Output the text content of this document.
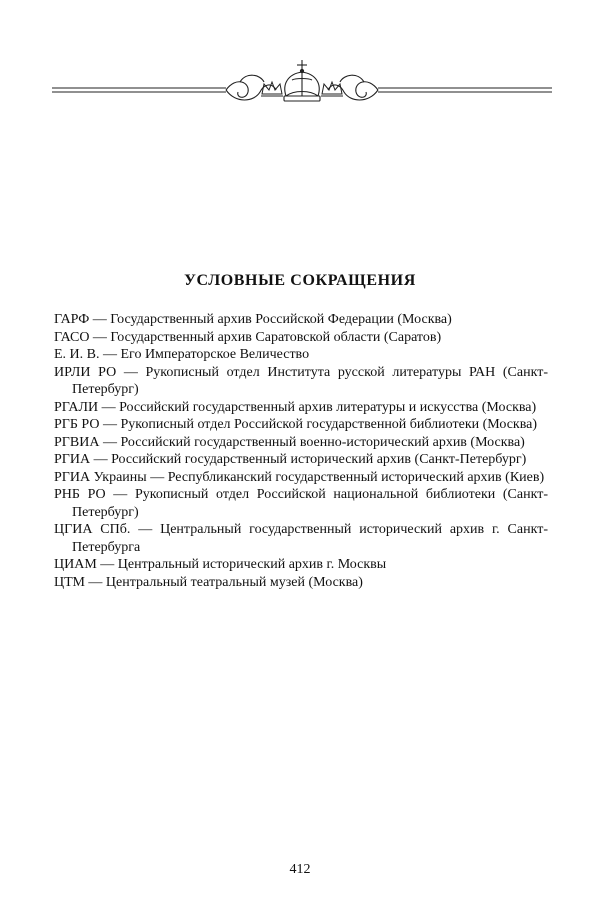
УСЛОВНЫЕ СОКРАЩЕНИЯ
ГАРФ — Государственный архив Российской Федерации (Москва)
ГАСО — Государственный архив Саратовской области (Саратов)
Е. И. В. — Его Императорское Величество
ИРЛИ РО — Рукописный отдел Института русской литературы РАН (Санкт-Петербург)
РГАЛИ — Российский государственный архив литературы и искусства (Москва)
РГБ РО — Рукописный отдел Российской государственной библиотеки (Москва)
РГВИА — Российский государственный военно-исторический архив (Москва)
РГИА — Российский государственный исторический архив (Санкт-Петербург)
РГИА Украины — Республиканский государственный исторический архив (Киев)
РНБ РО — Рукописный отдел Российской национальной библиотеки (Санкт-Петербург)
ЦГИА СПб. — Центральный государственный исторический архив г. Санкт-Петербурга
ЦИАМ — Центральный исторический архив г. Москвы
ЦТМ — Центральный театральный музей (Москва)
412
